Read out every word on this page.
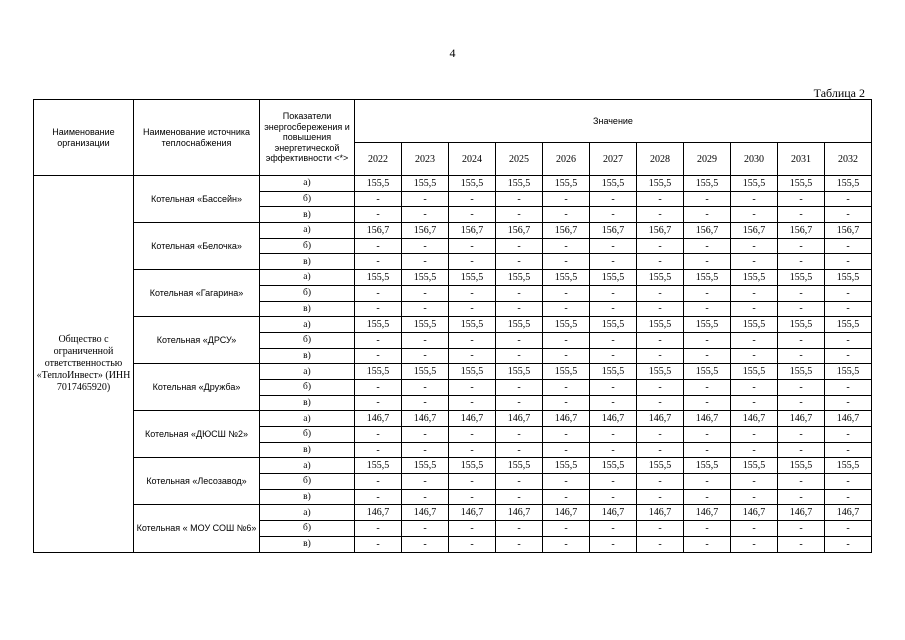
4
Таблица 2
Наименование организации	Наименование источника теплоснабжения	Показатели энергосбережения и повышения энергетической эффективности <*>	Значение										
			2022	2023	2024	2025	2026	2027	2028	2029	2030	2031	2032
Общество с ограниченной ответственностью «ТеплоИнвест» (ИНН 7017465920)	Котельная «Бассейн»	а)	155,5	155,5	155,5	155,5	155,5	155,5	155,5	155,5	155,5	155,5	155,5
		б)	-	-	-	-	-	-	-	-	-	-	-
		в)	-	-	-	-	-	-	-	-	-	-	-
	Котельная «Белочка»	а)	156,7	156,7	156,7	156,7	156,7	156,7	156,7	156,7	156,7	156,7	156,7
		б)	-	-	-	-	-	-	-	-	-	-	-
		в)	-	-	-	-	-	-	-	-	-	-	-
	Котельная «Гагарина»	а)	155,5	155,5	155,5	155,5	155,5	155,5	155,5	155,5	155,5	155,5	155,5
		б)	-	-	-	-	-	-	-	-	-	-	-
		в)	-	-	-	-	-	-	-	-	-	-	-
	Котельная «ДРСУ»	а)	155,5	155,5	155,5	155,5	155,5	155,5	155,5	155,5	155,5	155,5	155,5
		б)	-	-	-	-	-	-	-	-	-	-	-
		в)	-	-	-	-	-	-	-	-	-	-	-
	Котельная «Дружба»	а)	155,5	155,5	155,5	155,5	155,5	155,5	155,5	155,5	155,5	155,5	155,5
		б)	-	-	-	-	-	-	-	-	-	-	-
		в)	-	-	-	-	-	-	-	-	-	-	-
	Котельная «ДЮСШ №2»	а)	146,7	146,7	146,7	146,7	146,7	146,7	146,7	146,7	146,7	146,7	146,7
		б)	-	-	-	-	-	-	-	-	-	-	-
		в)	-	-	-	-	-	-	-	-	-	-	-
	Котельная «Лесозавод»	а)	155,5	155,5	155,5	155,5	155,5	155,5	155,5	155,5	155,5	155,5	155,5
		б)	-	-	-	-	-	-	-	-	-	-	-
		в)	-	-	-	-	-	-	-	-	-	-	-
	Котельная « МОУ СОШ №6»	а)	146,7	146,7	146,7	146,7	146,7	146,7	146,7	146,7	146,7	146,7	146,7
		б)	-	-	-	-	-	-	-	-	-	-	-
		в)	-	-	-	-	-	-	-	-	-	-	-
